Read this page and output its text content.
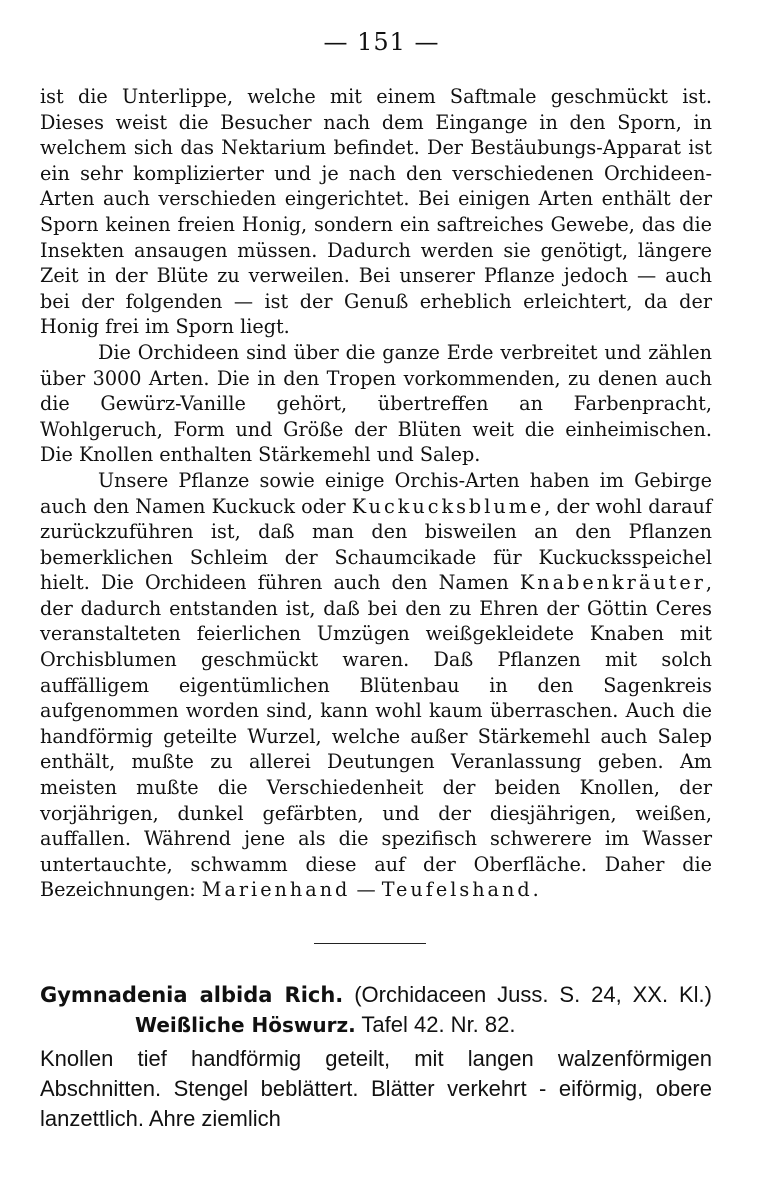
— 151 —

ist die Unterlippe, welche mit einem Saftmale geschmückt ist. Dieses weist die Besucher nach dem Eingange in den Sporn, in welchem sich das Nektarium befindet. Der Bestäubungs-Apparat ist ein sehr komplizierter und je nach den verschiedenen Orchideen-Arten auch verschieden eingerichtet. Bei einigen Arten enthält der Sporn keinen freien Honig, sondern ein saftreiches Gewebe, das die Insekten ansaugen müssen. Dadurch werden sie genötigt, längere Zeit in der Blüte zu verweilen. Bei unserer Pflanze jedoch — auch bei der folgenden — ist der Genuß erheblich erleichtert, da der Honig frei im Sporn liegt.

Die Orchideen sind über die ganze Erde verbreitet und zählen über 3000 Arten. Die in den Tropen vorkommenden, zu denen auch die Gewürz-Vanille gehört, übertreffen an Farbenpracht, Wohlgeruch, Form und Größe der Blüten weit die einheimischen. Die Knollen enthalten Stärkemehl und Salep.

Unsere Pflanze sowie einige Orchis-Arten haben im Gebirge auch den Namen Kuckuck oder Kuckucksblume, der wohl darauf zurückzuführen ist, daß man den bisweilen an den Pflanzen bemerklichen Schleim der Schaumcikade für Kuckucksspeichel hielt. Die Orchideen führen auch den Namen Knabenkräuter, der dadurch entstanden ist, daß bei den zu Ehren der Göttin Ceres veranstalteten feierlichen Umzügen weißgekleidete Knaben mit Orchisblumen geschmückt waren. Daß Pflanzen mit solch auffälligem eigentümlichen Blütenbau in den Sagenkreis aufgenommen worden sind, kann wohl kaum überraschen. Auch die handförmig geteilte Wurzel, welche außer Stärkemehl auch Salep enthält, mußte zu allerei Deutungen Veranlassung geben. Am meisten mußte die Verschiedenheit der beiden Knollen, der vorjährigen, dunkel gefärbten, und der diesjährigen, weißen, auffallen. Während jene als die spezifisch schwerere im Wasser untertauchte, schwamm diese auf der Oberfläche. Daher die Bezeichnungen: Marienhand — Teufelshand.

Gymnadenia albida Rich. (Orchidaceen Juss. S. 24, XX. Kl.) Weißliche Höswurz. Tafel 42. Nr. 82.

Knollen tief handförmig geteilt, mit langen walzenförmigen Abschnitten. Stengel beblättert. Blätter verkehrt - eiförmig, obere lanzettlich. Ahre ziemlich
